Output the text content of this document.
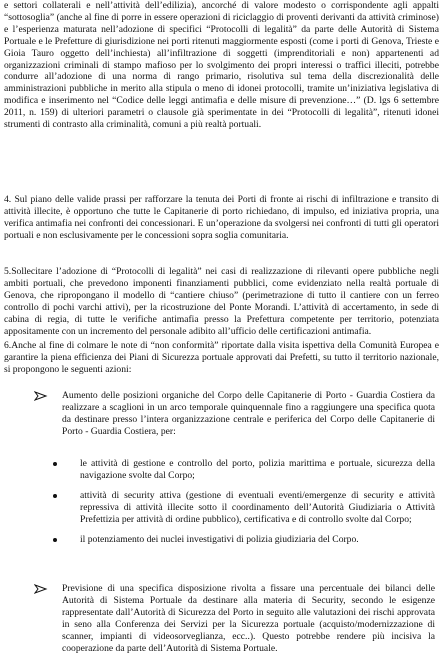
e settori collaterali e nell’attività dell’edilizia), ancorché di valore modesto o corrispondente agli appalti “sottosoglia” (anche al fine di porre in essere operazioni di riciclaggio di proventi derivanti da attività criminose) e l’esperienza maturata nell’adozione di specifici “Protocolli di legalità” da parte delle Autorità di Sistema Portuale e le Prefetture di giurisdizione nei porti ritenuti maggiormente esposti (come i porti di Genova, Trieste e Gioia Tauro oggetto dell’inchiesta) all’infiltrazione di soggetti (imprenditoriali e non) appartenenti ad organizzazioni criminali di stampo mafioso per lo svolgimento dei propri interessi o traffici illeciti, potrebbe condurre all’adozione di una norma di rango primario, risolutiva sul tema della discrezionalità delle amministrazioni pubbliche in merito alla stipula o meno di idonei protocolli, tramite un’iniziativa legislativa di modifica e inserimento nel “Codice delle leggi antimafia e delle misure di prevenzione…” (D. lgs 6 settembre 2011, n. 159) di ulteriori parametri o clausole già sperimentate in dei “Protocolli di legalità”, ritenuti idonei strumenti di contrasto alla criminalità, comuni a più realtà portuali.

4. Sul piano delle valide prassi per rafforzare la tenuta dei Porti di fronte ai rischi di infiltrazione e transito di attività illecite, è opportuno che tutte le Capitanerie di porto richiedano, di impulso, ed iniziativa propria, una verifica antimafia nei confronti dei concessionari. E un’operazione da svolgersi nei confronti di tutti gli operatori portuali e non esclusivamente per le concessioni sopra soglia comunitaria.

5.Sollecitare l’adozione di “Protocolli di legalità” nei casi di realizzazione di rilevanti opere pubbliche negli ambiti portuali, che prevedono imponenti finanziamenti pubblici, come evidenziato nella realtà portuale di Genova, che ripropongano il modello di “cantiere chiuso” (perimetrazione di tutto il cantiere con un ferreo controllo di pochi varchi attivi), per la ricostruzione del Ponte Morandi. L’attività di accertamento, in sede di cabina di regia, di tutte le verifiche antimafia presso la Prefettura competente per territorio, potenziata appositamente con un incremento del personale adibito all’ufficio delle certificazioni antimafia.

6.Anche al fine di colmare le note di “non conformità” riportate dalla visita ispettiva della Comunità Europea e garantire la piena efficienza dei Piani di Sicurezza portuale approvati dai Prefetti, su tutto il territorio nazionale, si propongono le seguenti azioni:

Aumento delle posizioni organiche del Corpo delle Capitanerie di Porto - Guardia Costiera da realizzare a scaglioni in un arco temporale quinquennale fino a raggiungere una specifica quota da destinare presso l’intera organizzazione centrale e periferica del Corpo delle Capitanerie di Porto - Guardia Costiera, per:
le attività di gestione e controllo del porto, polizia marittima e portuale, sicurezza della navigazione svolte dal Corpo;
attività di security attiva (gestione di eventuali eventi/emergenze di security e attività repressiva di attività illecite sotto il coordinamento dell’Autorità Giudiziaria o Attività Prefettizia per attività di ordine pubblico), certificativa e di controllo svolte dal Corpo;
il potenziamento dei nuclei investigativi di polizia giudiziaria del Corpo.
Previsione di una specifica disposizione rivolta a fissare una percentuale dei bilanci delle Autorità di Sistema Portuale da destinare alla materia di Security, secondo le esigenze rappresentate dall’Autorità di Sicurezza del Porto in seguito alle valutazioni dei rischi approvata in seno alla Conferenza dei Servizi per la Sicurezza portuale (acquisto/modernizzazione di scanner, impianti di videosorveglianza, ecc..). Questo potrebbe rendere più incisiva la cooperazione da parte dell’Autorità di Sistema Portuale.
